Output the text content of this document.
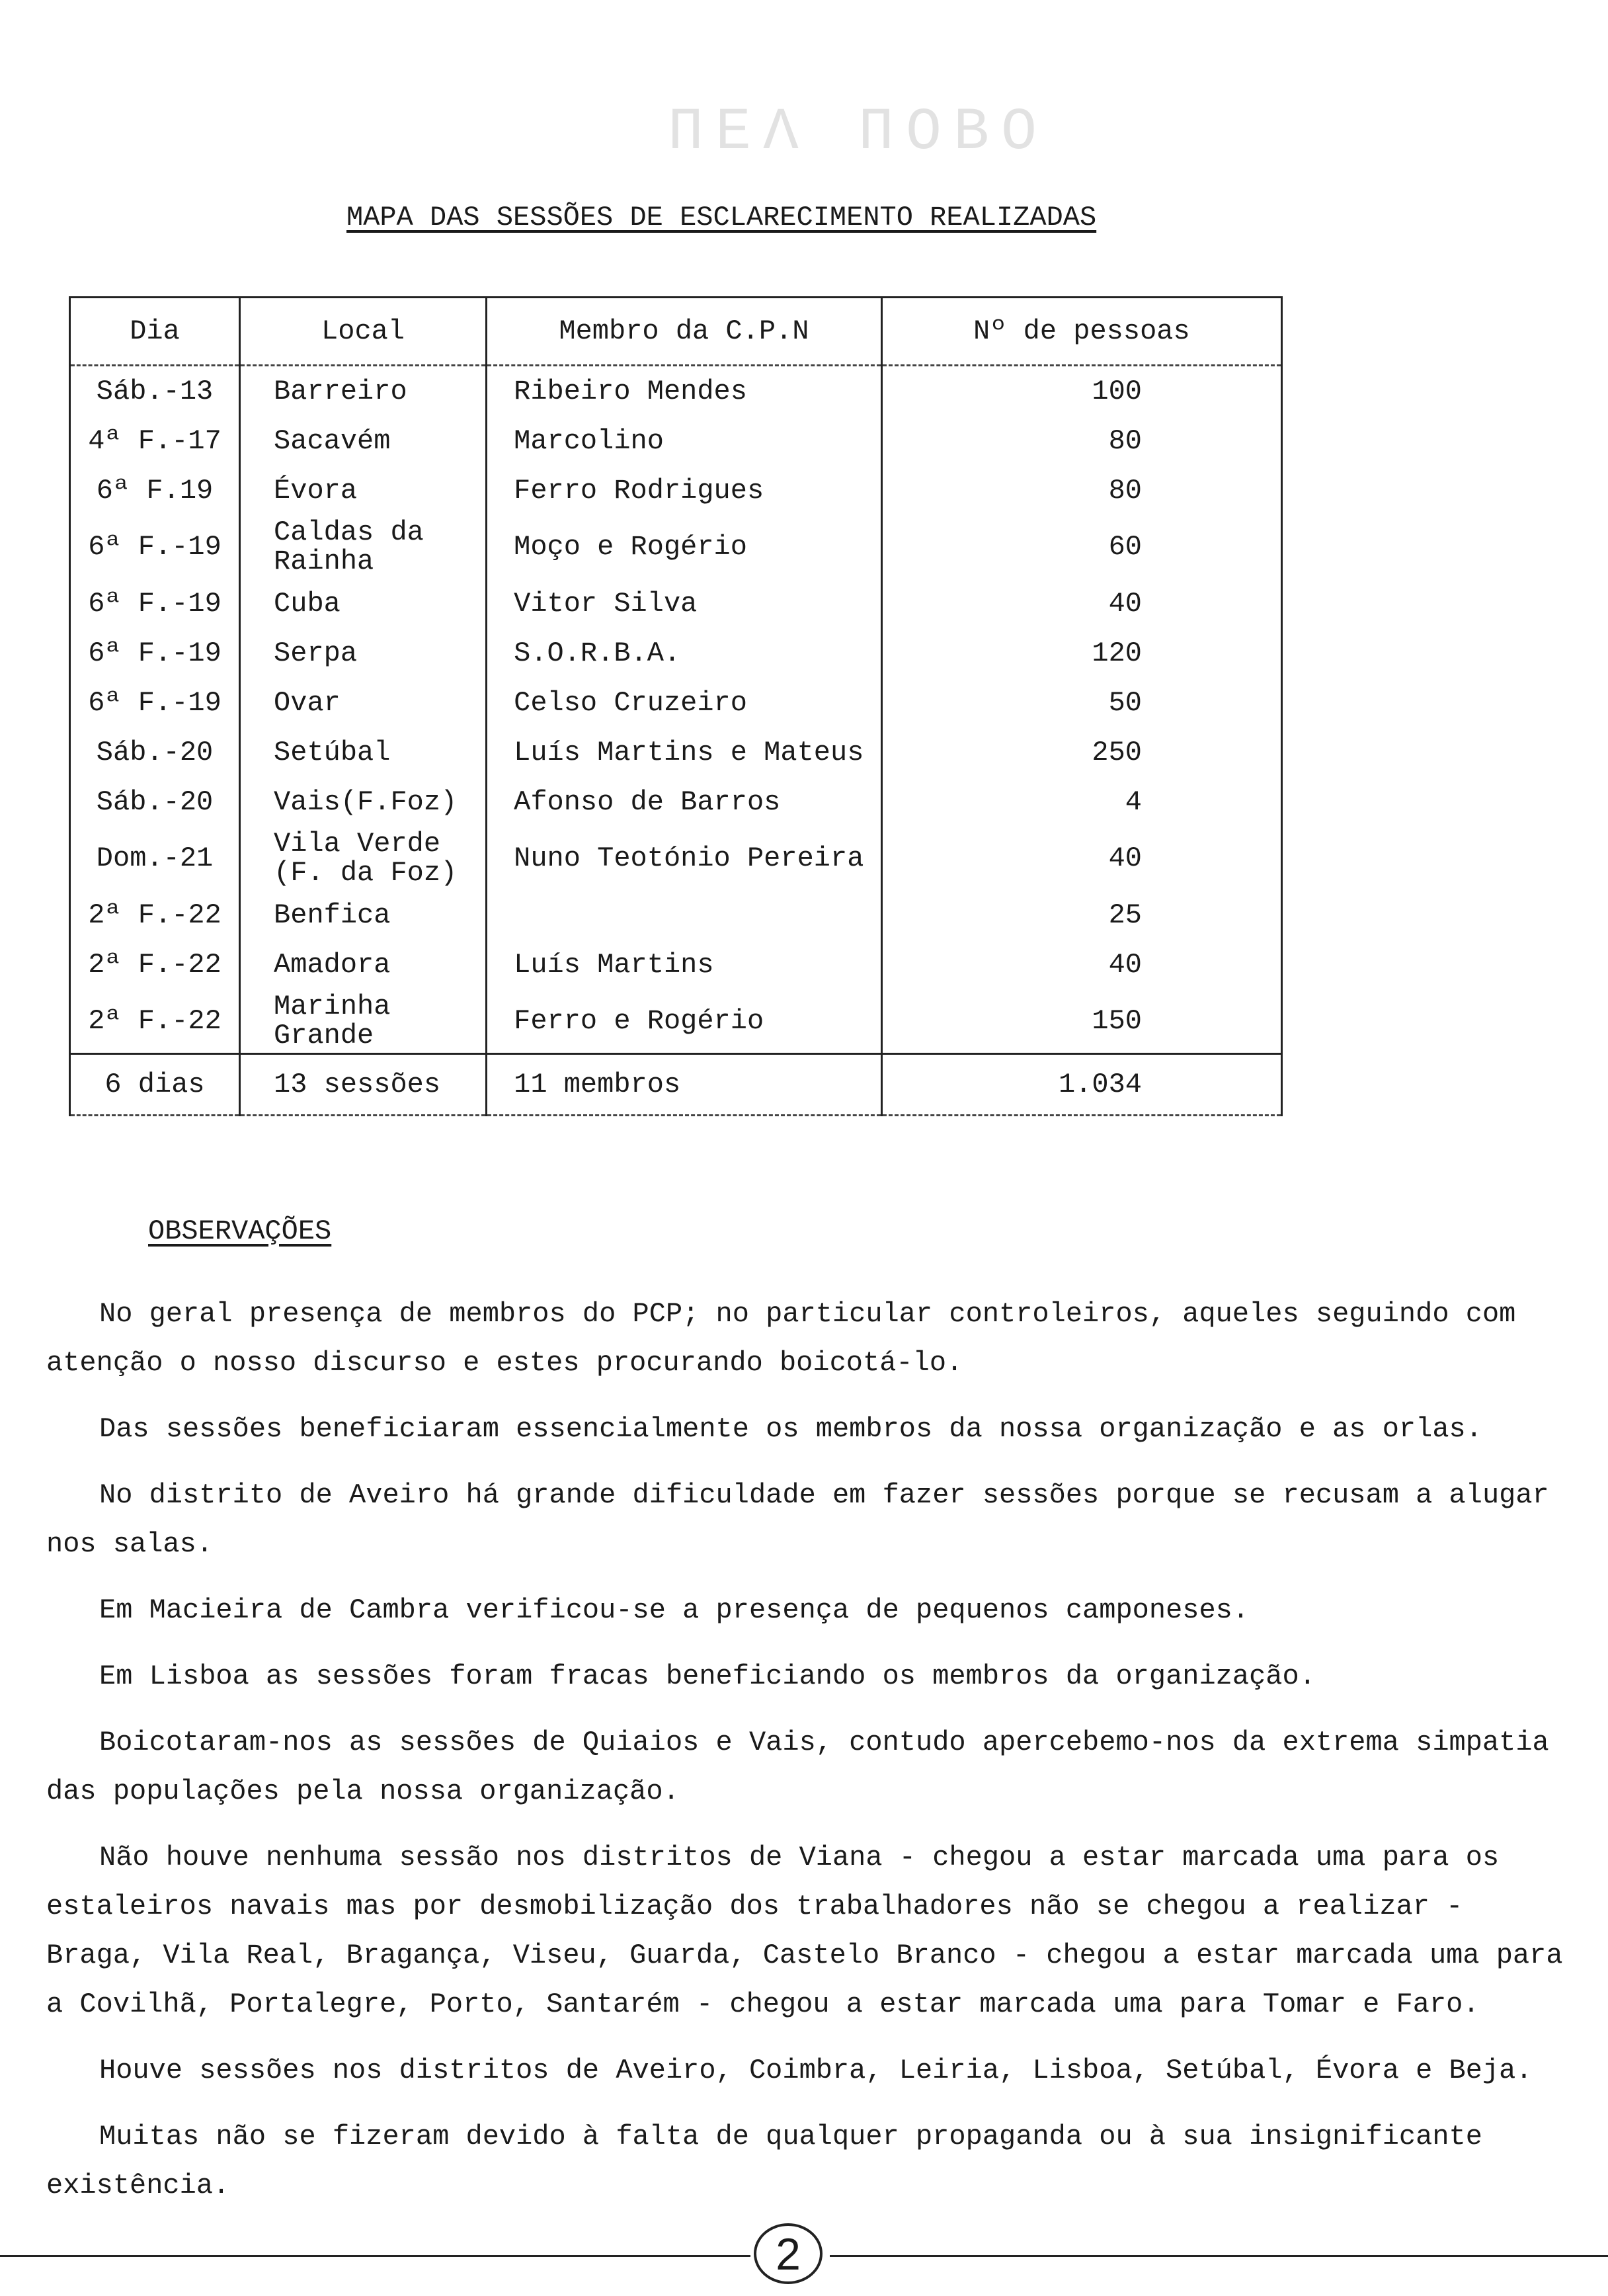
ΠЕΛ ΠОΒО
MAPA DAS SESSÕES DE ESCLARECIMENTO REALIZADAS
Dia	Local	Membro da C.P.N	Nº de pessoas
Sáb.-13	Barreiro	Ribeiro Mendes	100
4ª F.-17	Sacavém	Marcolino	80
6ª F.19	Évora	Ferro Rodrigues	80
6ª F.-19	Caldas da Rainha	Moço e Rogério	60
6ª F.-19	Cuba	Vitor Silva	40
6ª F.-19	Serpa	S.O.R.B.A.	120
6ª F.-19	Ovar	Celso Cruzeiro	50
Sáb.-20	Setúbal	Luís Martins e Mateus	250
Sáb.-20	Vais(F.Foz)	Afonso de Barros	4
Dom.-21	Vila Verde (F. da Foz)	Nuno Teotónio Pereira	40
2ª F.-22	Benfica		25
2ª F.-22	Amadora	Luís Martins	40
2ª F.-22	Marinha Grande	Ferro e Rogério	150
6 dias	13 sessões	11 membros	1.034
OBSERVAÇÕES

No geral presença de membros do PCP; no particular controleiros, aqueles seguindo com atenção o nosso discurso e estes procurando boicotá-lo.

Das sessões beneficiaram essencialmente os membros da nossa organização e as orlas.

No distrito de Aveiro há grande dificuldade em fazer sessões porque se recusam a alugar nos salas.

Em Macieira de Cambra verificou-se a presença de pequenos camponeses.

Em Lisboa as sessões foram fracas beneficiando os membros da organização.

Boicotaram-nos as sessões de Quiaios e Vais, contudo apercebemo-nos da extrema simpatia das populações pela nossa organização.

Não houve nenhuma sessão nos distritos de Viana - chegou a estar marcada uma para os estaleiros navais mas por desmobilização dos trabalhadores não se chegou a realizar - Braga, Vila Real, Bragança, Viseu, Guarda, Castelo Branco - chegou a estar marcada uma para a Covilhã, Portalegre, Porto, Santarém - chegou a estar marcada uma para Tomar e Faro.

Houve sessões nos distritos de Aveiro, Coimbra, Leiria, Lisboa, Setúbal, Évora e Beja.

Muitas não se fizeram devido à falta de qualquer propaganda ou à sua insignificante existência.

2
